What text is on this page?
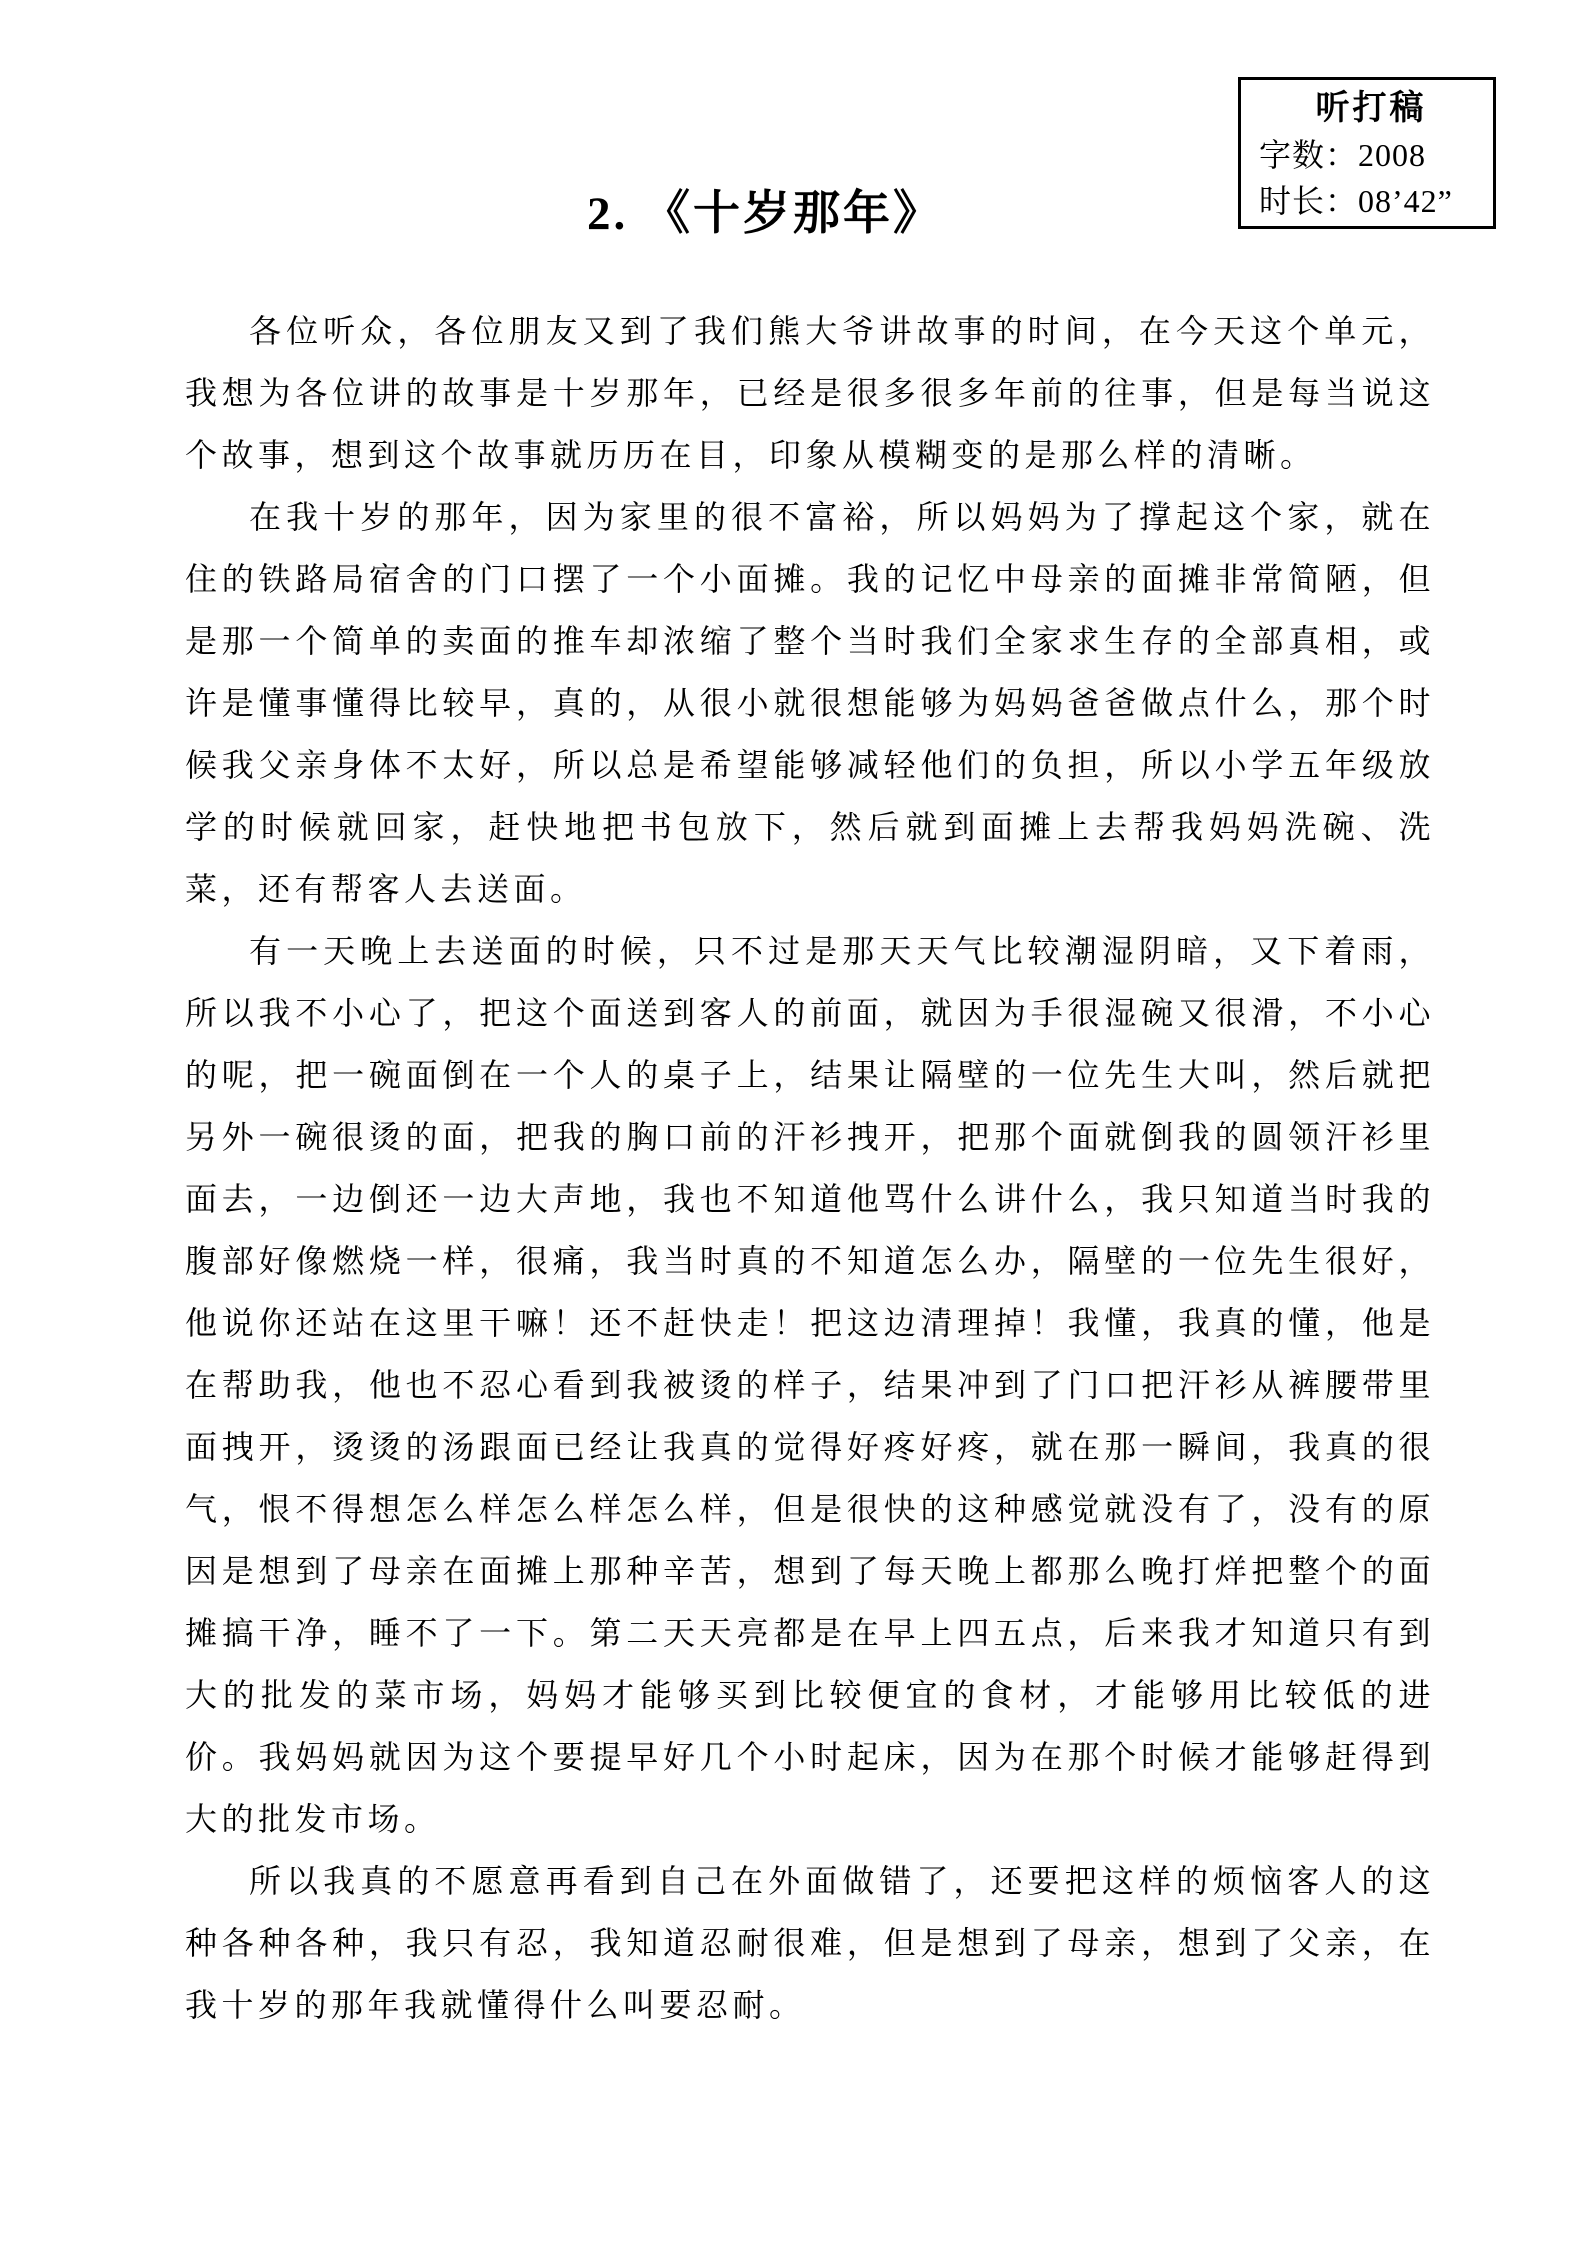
听打稿
字数：2008
时长：08’42”
2. 《十岁那年》

各位听众，各位朋友又到了我们熊大爷讲故事的时间，在今天这个单元，我想为各位讲的故事是十岁那年，已经是很多很多年前的往事，但是每当说这个故事，想到这个故事就历历在目，印象从模糊变的是那么样的清晰。

在我十岁的那年，因为家里的很不富裕，所以妈妈为了撑起这个家，就在住的铁路局宿舍的门口摆了一个小面摊。我的记忆中母亲的面摊非常简陋，但是那一个简单的卖面的推车却浓缩了整个当时我们全家求生存的全部真相，或许是懂事懂得比较早，真的，从很小就很想能够为妈妈爸爸做点什么，那个时候我父亲身体不太好，所以总是希望能够减轻他们的负担，所以小学五年级放学的时候就回家，赶快地把书包放下，然后就到面摊上去帮我妈妈洗碗、洗菜，还有帮客人去送面。

有一天晚上去送面的时候，只不过是那天天气比较潮湿阴暗，又下着雨，所以我不小心了，把这个面送到客人的前面，就因为手很湿碗又很滑，不小心的呢，把一碗面倒在一个人的桌子上，结果让隔壁的一位先生大叫，然后就把另外一碗很烫的面，把我的胸口前的汗衫拽开，把那个面就倒我的圆领汗衫里面去，一边倒还一边大声地，我也不知道他骂什么讲什么，我只知道当时我的腹部好像燃烧一样，很痛，我当时真的不知道怎么办，隔壁的一位先生很好，他说你还站在这里干嘛！还不赶快走！把这边清理掉！我懂，我真的懂，他是在帮助我，他也不忍心看到我被烫的样子，结果冲到了门口把汗衫从裤腰带里面拽开，烫烫的汤跟面已经让我真的觉得好疼好疼，就在那一瞬间，我真的很气，恨不得想怎么样怎么样怎么样，但是很快的这种感觉就没有了，没有的原因是想到了母亲在面摊上那种辛苦，想到了每天晚上都那么晚打烊把整个的面摊搞干净，睡不了一下。第二天天亮都是在早上四五点，后来我才知道只有到大的批发的菜市场，妈妈才能够买到比较便宜的食材，才能够用比较低的进价。我妈妈就因为这个要提早好几个小时起床，因为在那个时候才能够赶得到大的批发市场。

所以我真的不愿意再看到自己在外面做错了，还要把这样的烦恼客人的这种各种各种，我只有忍，我知道忍耐很难，但是想到了母亲，想到了父亲，在我十岁的那年我就懂得什么叫要忍耐。
